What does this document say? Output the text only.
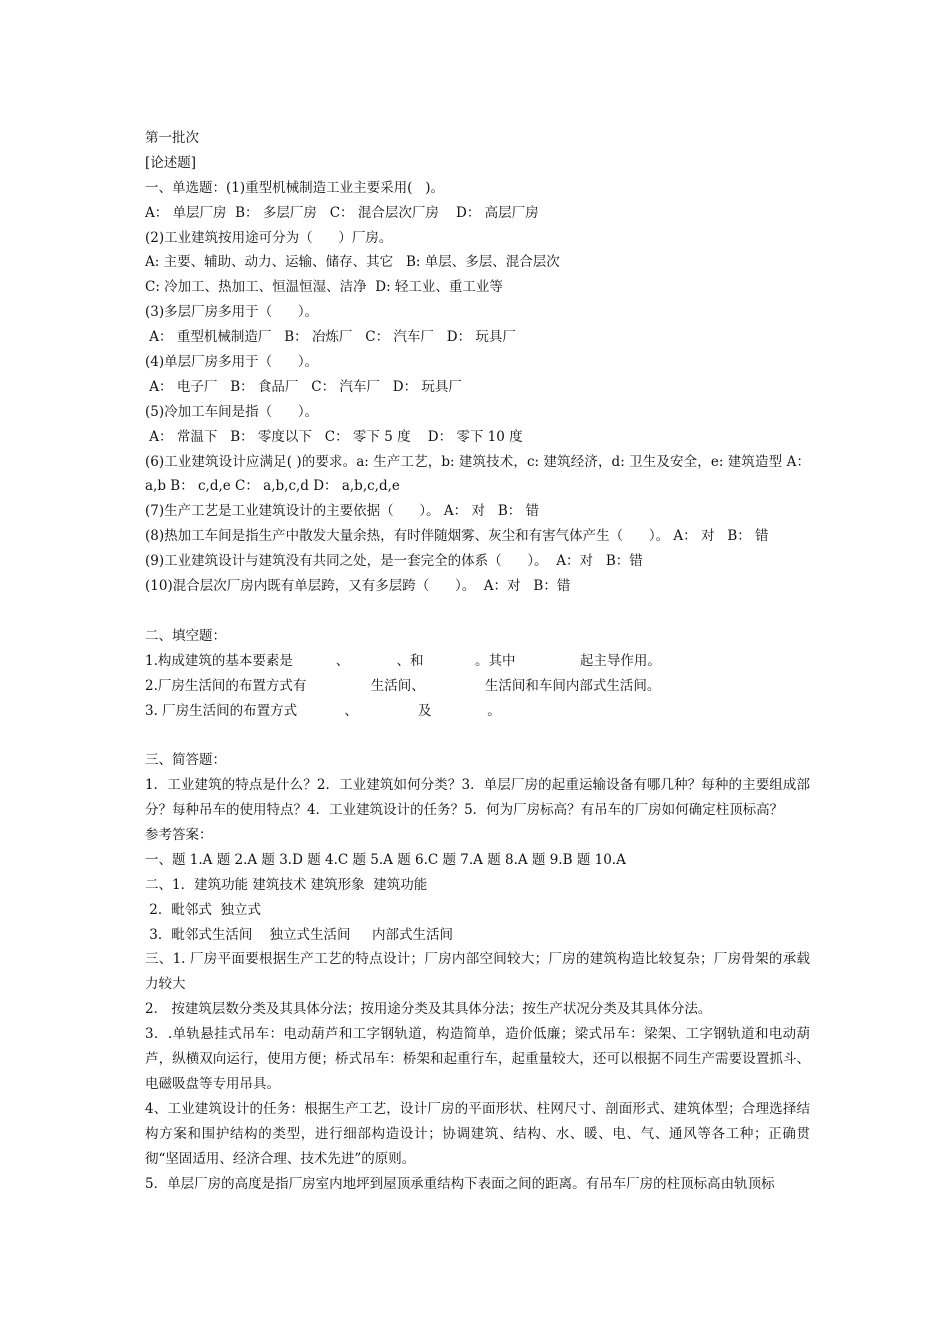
第一批次
[论述题]
一、单选题：(1)重型机械制造工业主要采用(   )。
A： 单层厂房  B： 多层厂房   C： 混合层次厂房    D： 高层厂房
(2)工业建筑按用途可分为（      ）厂房。
A: 主要、辅助、动力、运输、储存、其它   B: 单层、多层、混合层次
C: 冷加工、热加工、恒温恒湿、洁净  D: 轻工业、重工业等
(3)多层厂房多用于（      ）。
A： 重型机械制造厂   B： 冶炼厂   C： 汽车厂   D： 玩具厂
(4)单层厂房多用于（      ）。
A： 电子厂   B： 食品厂   C： 汽车厂   D： 玩具厂
(5)冷加工车间是指（      ）。
A： 常温下   B： 零度以下   C： 零下 5 度    D： 零下 10 度
(6)工业建筑设计应满足( )的要求。a: 生产工艺，b: 建筑技术，c: 建筑经济，d: 卫生及安全，e: 建筑造型 A： a,b B： c,d,e C： a,b,c,d D： a,b,c,d,e
(7)生产工艺是工业建筑设计的主要依据（      ）。 A： 对   B： 错
(8)热加工车间是指生产中散发大量余热，有时伴随烟雾、灰尘和有害气体产生（      ）。 A： 对   B： 错
(9)工业建筑设计与建筑没有共同之处，是一套完全的体系（      ）。  A：对   B：错
(10)混合层次厂房内既有单层跨，又有多层跨（      ）。  A：对   B：错
二、填空题：
1.构成建筑的基本要素是          、           、和            。其中               起主导作用。
2.厂房生活间的布置方式有               生活间、              生活间和车间内部式生活间。
3. 厂房生活间的布置方式           、              及             。
三、简答题：
1．工业建筑的特点是什么？2．工业建筑如何分类？3．单层厂房的起重运输设备有哪几种？每种的主要组成部分？每种吊车的使用特点？4．工业建筑设计的任务？5．何为厂房标高？有吊车的厂房如何确定柱顶标高？
参考答案：
一、题 1.A 题 2.A 题 3.D 题 4.C 题 5.A 题 6.C 题 7.A 题 8.A 题 9.B 题 10.A
二、1．建筑功能 建筑技术 建筑形象  建筑功能
2．毗邻式  独立式
3．毗邻式生活间    独立式生活间     内部式生活间
三、1. 厂房平面要根据生产工艺的特点设计；厂房内部空间较大；厂房的建筑构造比较复杂；厂房骨架的承载力较大
2． 按建筑层数分类及其具体分法；按用途分类及其具体分法；按生产状况分类及其具体分法。
3．.单轨悬挂式吊车：电动葫芦和工字钢轨道，构造简单，造价低廉；梁式吊车：梁架、工字钢轨道和电动葫芦，纵横双向运行，使用方便；桥式吊车：桥架和起重行车，起重量较大，还可以根据不同生产需要设置抓斗、电磁吸盘等专用吊具。
4、工业建筑设计的任务：根据生产工艺，设计厂房的平面形状、柱网尺寸、剖面形式、建筑体型；合理选择结构方案和围护结构的类型，进行细部构造设计；协调建筑、结构、水、暖、电、气、通风等各工种；正确贯彻“坚固适用、经济合理、技术先进”的原则。
5．单层厂房的高度是指厂房室内地坪到屋顶承重结构下表面之间的距离。有吊车厂房的柱顶标高由轨顶标
